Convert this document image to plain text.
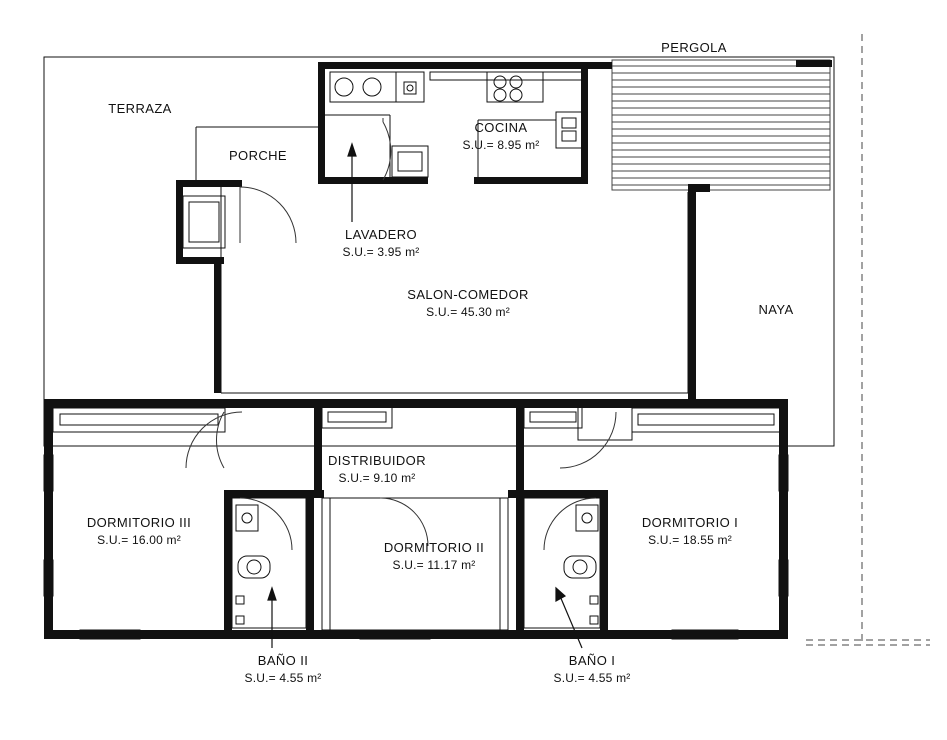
TERRAZA
PERGOLA
PORCHE
COCINA
S.U.= 8.95 m²
LAVADERO
S.U.= 3.95 m²
SALON-COMEDOR
S.U.= 45.30 m²	NAYA
DISTRIBUIDOR
S.U.= 9.10 m²
DORMITORIO III
S.U.= 16.00 m²
DORMITORIO II
S.U.= 11.17 m²
DORMITORIO I
S.U.= 18.55 m²
BAÑO II
S.U.= 4.55 m²
BAÑO I
S.U.= 4.55 m²
